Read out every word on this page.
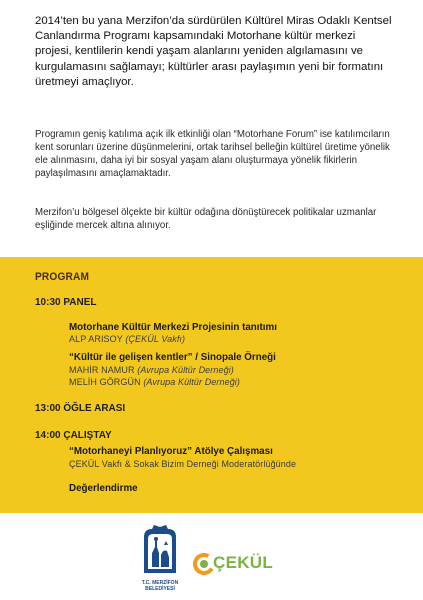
2014’ten bu yana Merzifon’da sürdürülen Kültürel Miras Odaklı Kentsel Canlandırma Programı kapsamındaki Motorhane kültür merkezi projesi, kentlilerin kendi yaşam alanlarını yeniden algılamasını ve kurgulamasını sağlamayı; kültürler arası paylaşımın yeni bir formatını üretmeyi amaçlıyor.

Programın geniş katılıma açık ilk etkinliği olan “Motorhane Forum” ise katılımcıların kent sorunları üzerine düşünmelerini, ortak tarihsel belleğin kültürel üretime yönelik ele alınmasını, daha iyi bir sosyal yaşam alanı oluşturmaya yönelik fikirlerin paylaşılmasını amaçlamaktadır.

Merzifon’u bölgesel ölçekte bir kültür odağına dönüştürecek politikalar uzmanlar eşliğinde mercek altına alınıyor.

PROGRAM
10:30 PANEL
Motorhane Kültür Merkezi Projesinin tanıtımı
ALP ARISOY (ÇEKÜL Vakfı)
“Kültür ile gelişen kentler” / Sinopale Örneği
MAHİR NAMUR (Avrupa Kültür Derneği)
MELİH GÖRGÜN (Avrupa Kültür Derneği)
13:00 ÖĞLE ARASI
14:00 ÇALIŞTAY
“Motorhaneyi Planlıyoruz” Atölye Çalışması
ÇEKÜL Vakfı & Sokak Bizim Derneği Moderatörlüğünde
Değerlendirme
T.C. MERZİFON
BELEDİYESİ
ÇEKÜL
